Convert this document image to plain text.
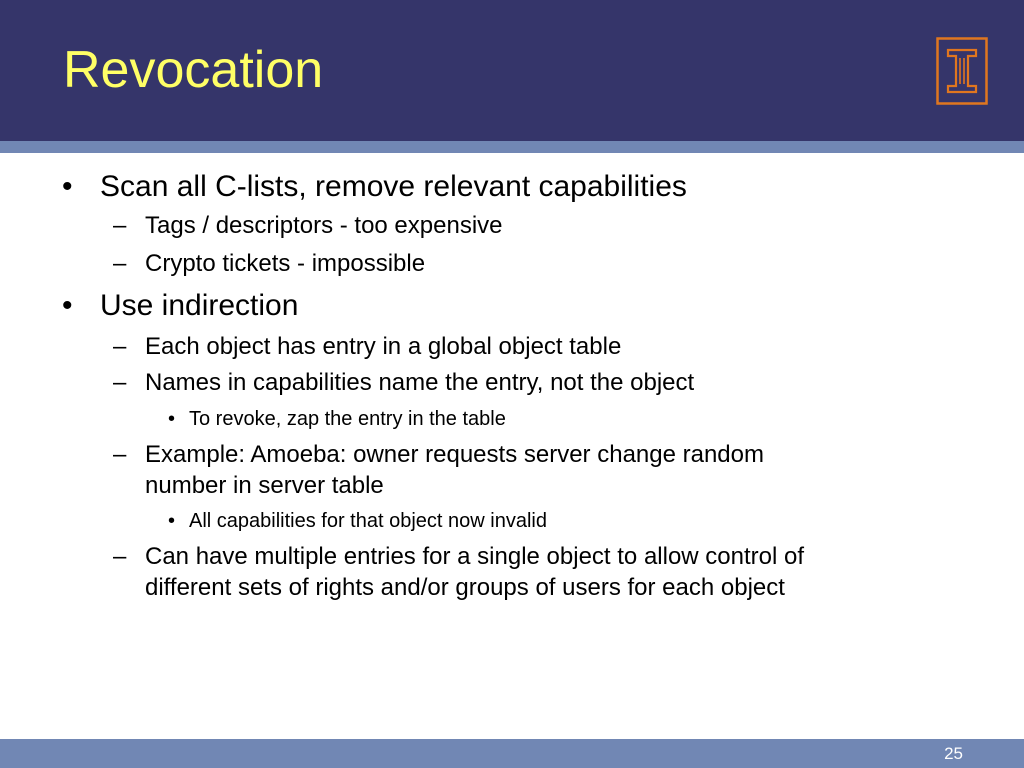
Revocation
• Scan all C-lists, remove relevant capabilities
– Tags / descriptors - too expensive
– Crypto tickets - impossible
• Use indirection
– Each object has entry in a global object table
– Names in capabilities name the entry, not the object
• To revoke, zap the entry in the table
– Example: Amoeba: owner requests server change random
number in server table
• All capabilities for that object now invalid
– Can have multiple entries for a single object to allow control of
different sets of rights and/or groups of users for each object
25
